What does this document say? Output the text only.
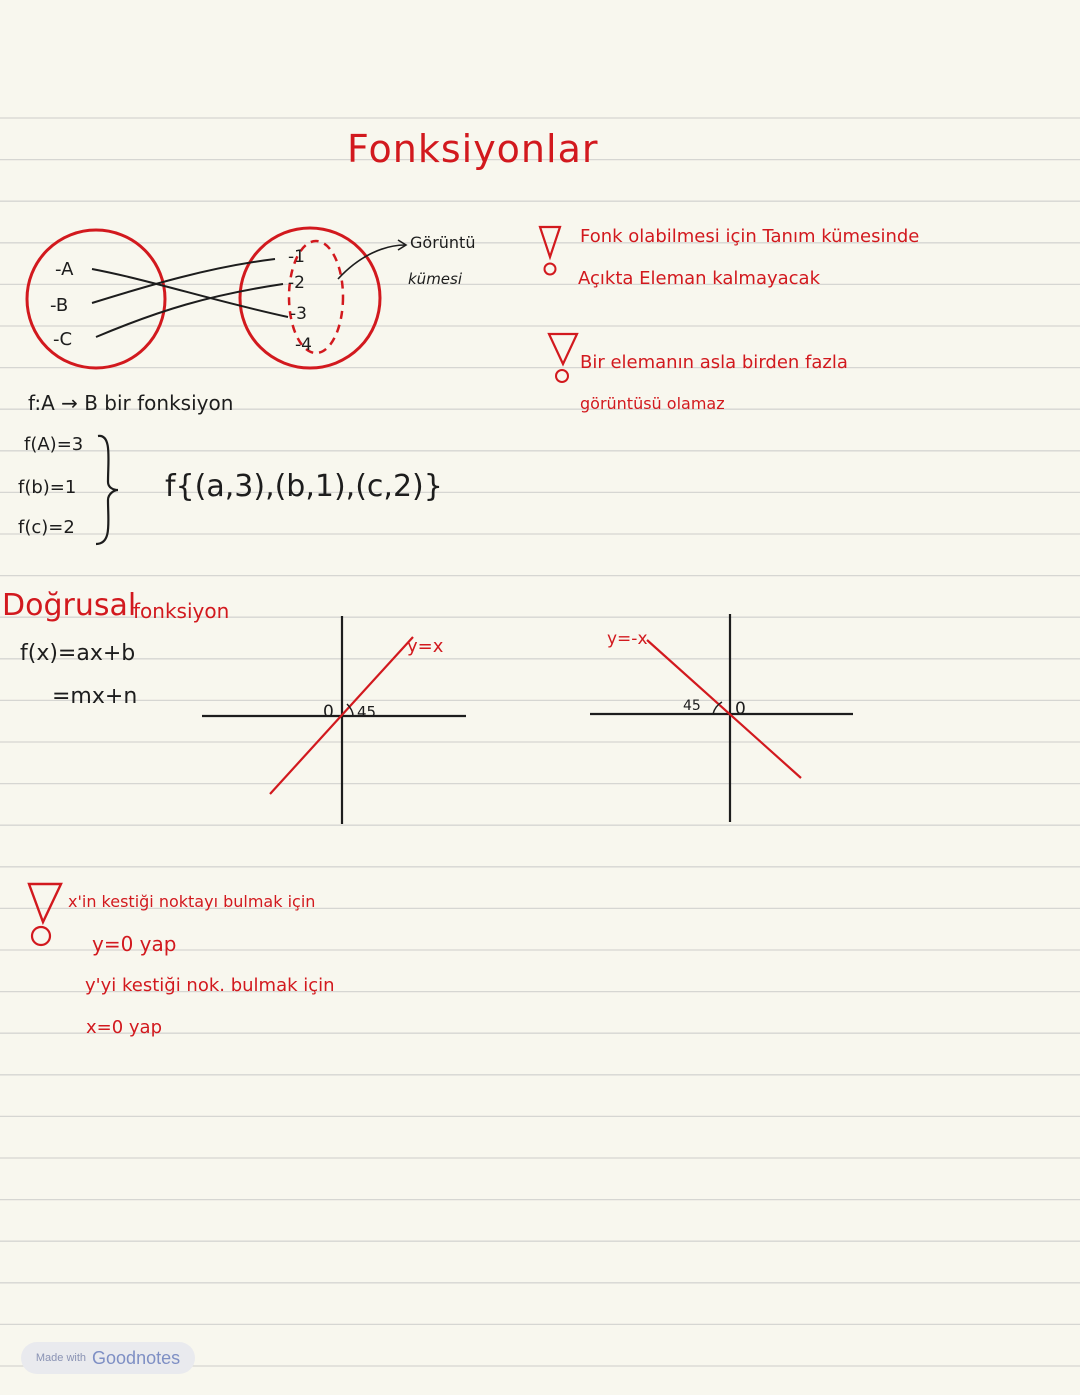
Fonksiyonlar
-A
-B
-C
-1
-2
-3
-4
Görüntü
kümesi
f:A → B bir fonksiyon
f(A)=3
f(b)=1
f(c)=2
f{(a,3),(b,1),(c,2)}
Fonk olabilmesi için Tanım kümesinde
Açıkta Eleman kalmayacak
Bir elemanın asla birden fazla
görüntüsü olamaz
Doğrusal
fonksiyon
f(x)=ax+b
=mx+n
y=x
0 45
y=-x
0
45
x'in kestiği noktayı bulmak için
y=0 yap
y'yi kestiği nok. bulmak için
x=0 yap
Made with Goodnotes
